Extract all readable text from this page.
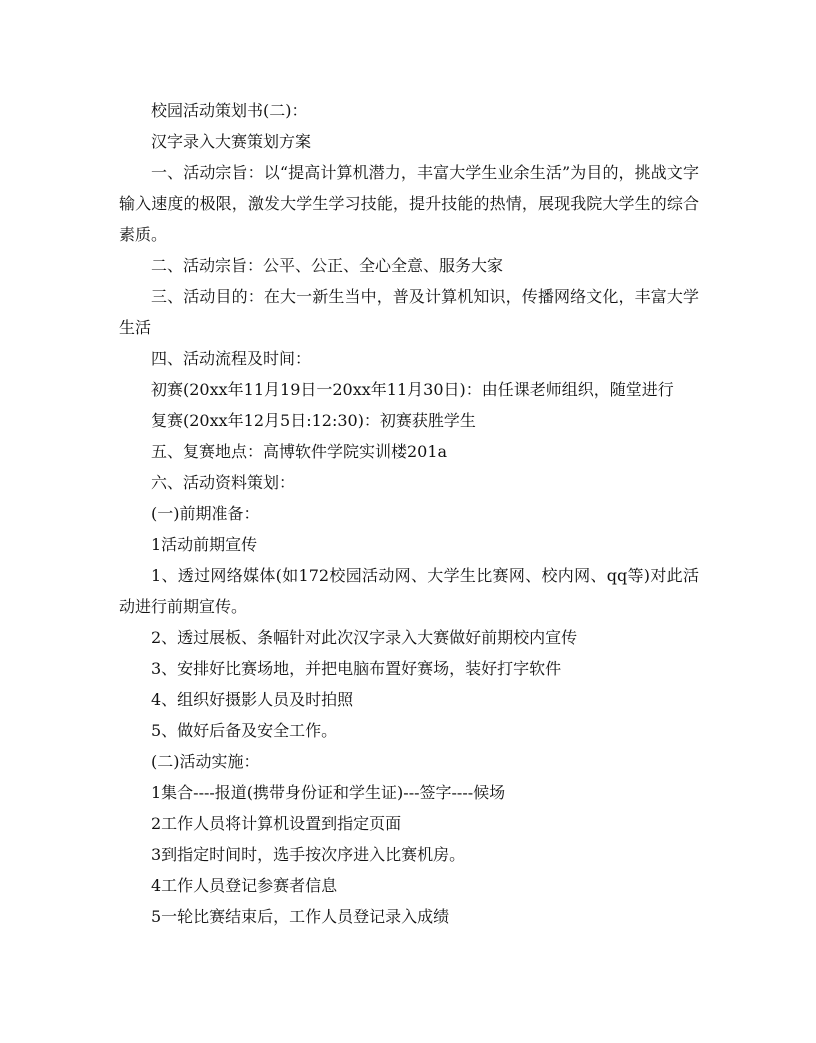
校园活动策划书(二)：

汉字录入大赛策划方案

一、活动宗旨：以“提高计算机潜力，丰富大学生业余生活”为目的，挑战文字输入速度的极限，激发大学生学习技能，提升技能的热情，展现我院大学生的综合素质。

二、活动宗旨：公平、公正、全心全意、服务大家

三、活动目的：在大一新生当中，普及计算机知识，传播网络文化，丰富大学生活

四、活动流程及时间：

初赛(20xx年11月19日一20xx年11月30日)：由任课老师组织，随堂进行

复赛(20xx年12月5日:12:30)：初赛获胜学生

五、复赛地点：高博软件学院实训楼201a

六、活动资料策划：

(一)前期准备：

1活动前期宣传

1、透过网络媒体(如172校园活动网、大学生比赛网、校内网、qq等)对此活动进行前期宣传。

2、透过展板、条幅针对此次汉字录入大赛做好前期校内宣传

3、安排好比赛场地，并把电脑布置好赛场，装好打字软件

4、组织好摄影人员及时拍照

5、做好后备及安全工作。

(二)活动实施：

1集合----报道(携带身份证和学生证)---签字----候场

2工作人员将计算机设置到指定页面

3到指定时间时，选手按次序进入比赛机房。

4工作人员登记参赛者信息

5一轮比赛结束后，工作人员登记录入成绩
